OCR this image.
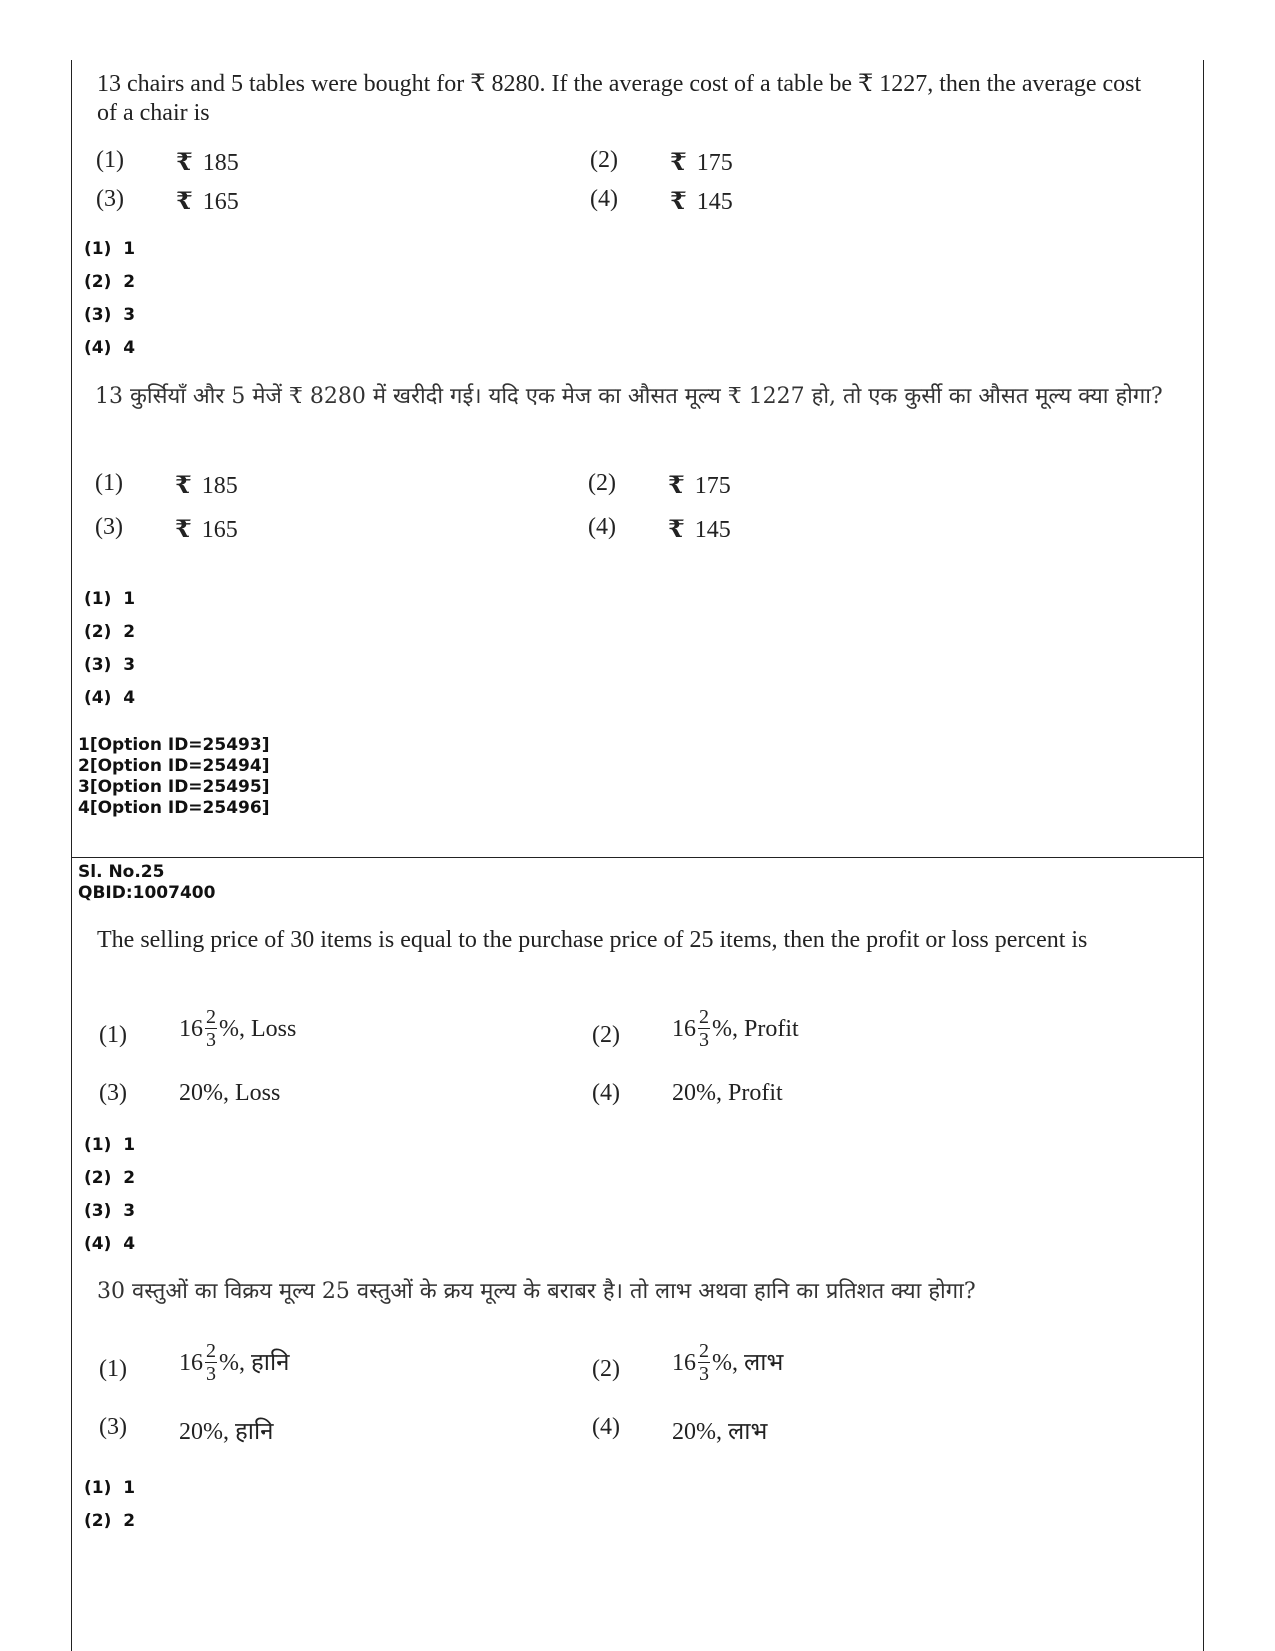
13 chairs and 5 tables were bought for ₹ 8280. If the average cost of a table be ₹ 1227, then the average cost of a chair is
(1)	₹ 185	(2)	₹ 175
(3)	₹ 165	(4)	₹ 145
(1)  1
(2)  2
(3)  3
(4)  4
13 कुर्सियाँ और 5 मेजें ₹ 8280 में खरीदी गई। यदि एक मेज का औसत मूल्य ₹ 1227 हो, तो एक कुर्सी का औसत मूल्य क्या होगा?
(1)	₹ 185	(2)	₹ 175
(3)	₹ 165	(4)	₹ 145
(1)  1
(2)  2
(3)  3
(4)  4
1[Option ID=25493]
2[Option ID=25494]
3[Option ID=25495]
4[Option ID=25496]
Sl. No.25
QBID:1007400
The selling price of 30 items is equal to the purchase price of 25 items, then the profit or loss percent is
(1)	$16 \frac{2}{3}$ %, Loss	(2)	$16 \frac{2}{3}$ %, Profit
(3)	20%, Loss	(4)	20%, Profit
(1)  1
(2)  2
(3)  3
(4)  4
30 वस्तुओं का विक्रय मूल्य 25 वस्तुओं के क्रय मूल्य के बराबर है। तो लाभ अथवा हानि का प्रतिशत क्या होगा?
(1)	$16 \frac{2}{3}$ %, हानि	(2)	$16 \frac{2}{3}$ %, लाभ
(3)	20%, हानि	(4)	20%, लाभ
(1)  1
(2)  2
